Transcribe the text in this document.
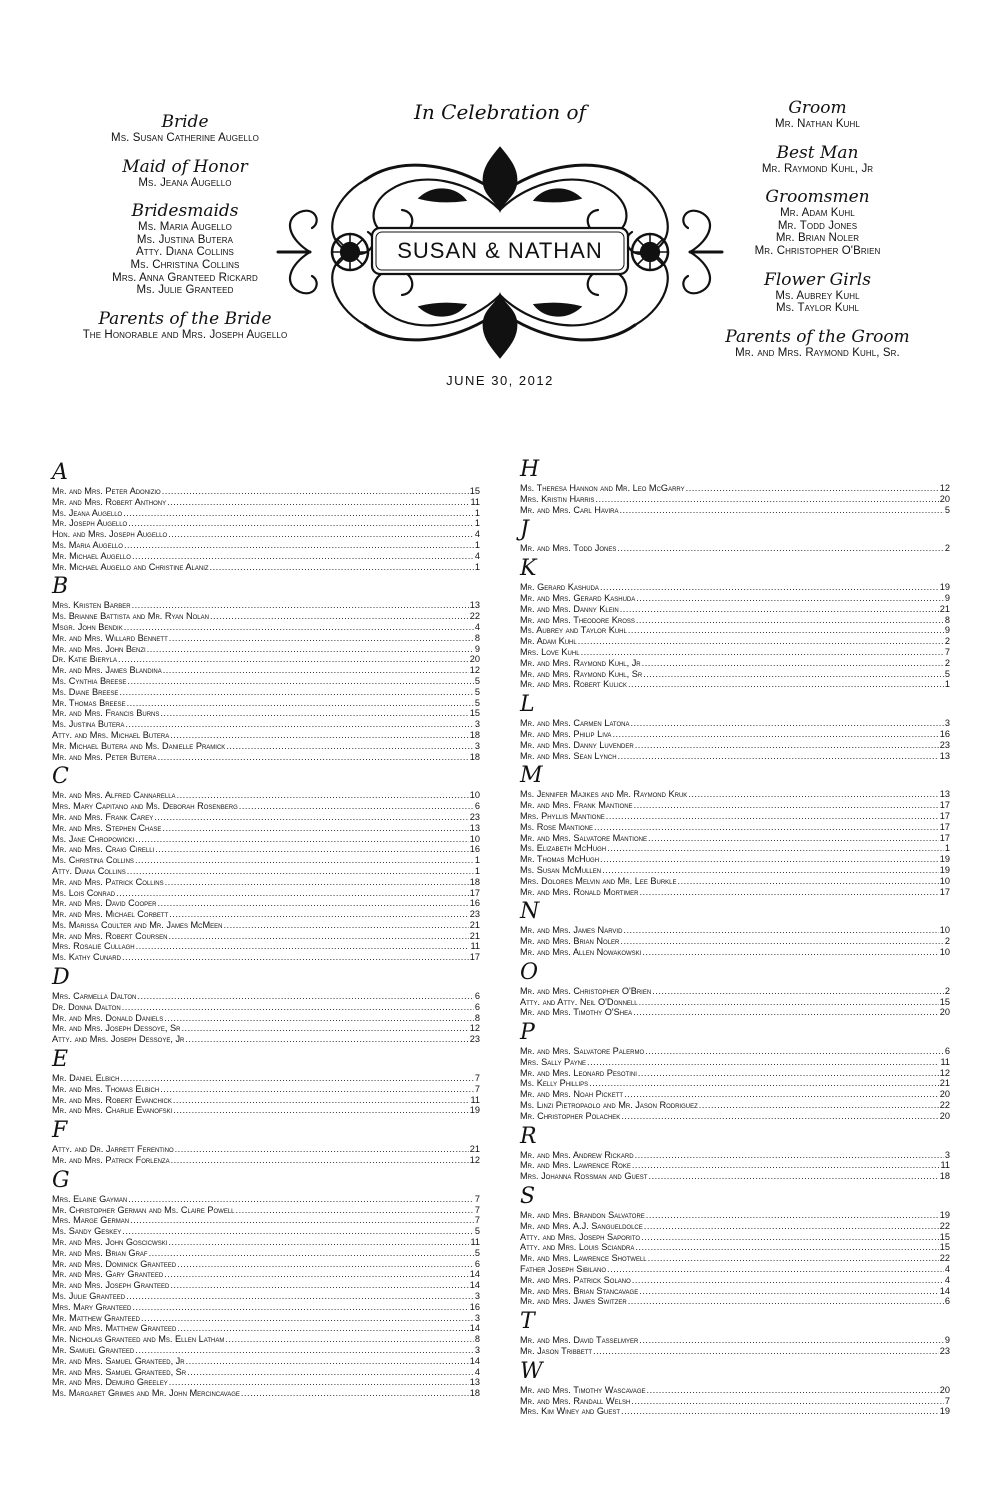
Bride
Ms. Susan Catherine Augello
Maid of Honor
Ms. Jeana Augello
Bridesmaids
Ms. Maria Augello
Ms. Justina Butera
Atty. Diana Collins
Ms. Christina Collins
Mrs. Anna Granteed Rickard
Ms. Julie Granteed
Parents of the Bride
The Honorable and Mrs. Joseph Augello
Groom
Mr. Nathan Kuhl
Best Man
Mr. Raymond Kuhl, Jr
Groomsmen
Mr. Adam Kuhl
Mr. Todd Jones
Mr. Brian Noler
Mr. Christopher O'Brien
Flower Girls
Ms. Aubrey Kuhl
Ms. Taylor Kuhl
Parents of the Groom
Mr. and Mrs. Raymond Kuhl, Sr.
In Celebration of
SUSAN & NATHAN
JUNE 30, 2012
A
Mr. and Mrs. Peter Adonizio .....	15
Mr. and Mrs. Robert Anthony .....	11
Ms. Jeana Augello .....	1
Mr. Joseph Augello .....	1
Hon. and Mrs. Joseph Augello .....	4
Ms. Maria Augello .....	1
Mr. Michael Augello .....	4
Mr. Michael Augello and Christine Alaniz .....	1
B
Mrs. Kristen Barber .....	13
Ms. Brianne Battista and Mr. Ryan Nolan .....	22
Msgr. John Bendik .....	4
Mr. and Mrs. Willard Bennett .....	8
Mr. and Mrs. John Benzi .....	9
Dr. Katie Bieryla .....	20
Mr. and Mrs. James Blandina .....	12
Ms. Cynthia Breese .....	5
Ms. Diane Breese .....	5
Mr. Thomas Breese .....	5
Mr. and Mrs. Francis Burns .....	15
Ms. Justina Butera .....	3
Atty. and Mrs. Michael Butera .....	18
Mr. Michael Butera and Ms. Danielle Pramick .....	3
Mr. and Mrs. Peter Butera .....	18
C
Mr. and Mrs. Alfred Cannarella .....	10
Mrs. Mary Capitano and Ms. Deborah Rosenberg .....	6
Mr. and Mrs. Frank Carey .....	23
Mr. and Mrs. Stephen Chase .....	13
Ms. Jane Chropowicki .....	10
Mr. and Mrs. Craig Cirelli .....	16
Ms. Christina Collins .....	1
Atty. Diana Collins .....	1
Mr. and Mrs. Patrick Collins .....	18
Ms. Lois Conrad .....	17
Mr. and Mrs. David Cooper .....	16
Mr. and Mrs. Michael Corbett .....	23
Ms. Marissa Coulter and Mr. James McMeen .....	21
Mr. and Mrs. Robert Coursen .....	21
Mrs. Rosalie Cullagh .....	11
Ms. Kathy Cunard .....	17
D
Mrs. Carmella Dalton .....	6
Dr. Donna Dalton .....	6
Mr. and Mrs. Donald Daniels .....	8
Mr. and Mrs. Joseph Dessoye, Sr .....	12
Atty. and Mrs. Joseph Dessoye, Jr .....	23
E
Mr. Daniel Elbich .....	7
Mr. and Mrs. Thomas Elbich .....	7
Mr. and Mrs. Robert Evanchick .....	11
Mr. and Mrs. Charlie Evanofski .....	19
F
Atty. and Dr. Jarrett Ferentino .....	21
Mr. and Mrs. Patrick Forlenza .....	12
G
Mrs. Elaine Gayman .....	7
Mr. Christopher German and Ms. Claire Powell .....	7
Mrs. Marge German .....	7
Ms. Sandy Geskey .....	5
Mr. and Mrs. John Goscicwski .....	11
Mr. and Mrs. Brian Graf .....	5
Mr. and Mrs. Dominick Granteed .....	6
Mr. and Mrs. Gary Granteed .....	14
Mr. and Mrs. Joseph Granteed .....	14
Ms. Julie Granteed .....	3
Mrs. Mary Granteed .....	16
Mr. Matthew Granteed .....	3
Mr. and Mrs. Matthew Granteed .....	14
Mr. Nicholas Granteed and Ms. Ellen Latham .....	8
Mr. Samuel Granteed .....	3
Mr. and Mrs. Samuel Granteed, Jr .....	14
Mr. and Mrs. Samuel Granteed, Sr .....	4
Mr. and Mrs. Demuro Greeley .....	13
Ms. Margaret Grimes and Mr. John Mercincavage .....	18
H
Ms. Theresa Hannon and Mr. Leo McGarry .....	12
Mrs. Kristin Harris .....	20
Mr. and Mrs. Carl Havira .....	5
J
Mr. and Mrs. Todd Jones .....	2
K
Mr. Gerard Kashuda .....	19
Mr. and Mrs. Gerard Kashuda .....	9
Mr. and Mrs. Danny Klein .....	21
Mr. and Mrs. Theodore Kross .....	8
Ms. Aubrey and Taylor Kuhl .....	9
Mr. Adam Kuhl .....	2
Mrs. Love Kuhl .....	7
Mr. and Mrs. Raymond Kuhl, Jr .....	2
Mr. and Mrs. Raymond Kuhl, Sr .....	5
Mr. and Mrs. Robert Kulick .....	1
L
Mr. and Mrs. Carmen Latona .....	3
Mr. and Mrs. Philip Liva .....	16
Mr. and Mrs. Danny Luvender .....	23
Mr. and Mrs. Sean Lynch .....	13
M
Ms. Jennifer Majikes and Mr. Raymond Kruk .....	13
Mr. and Mrs. Frank Mantione .....	17
Mrs. Phyllis Mantione .....	17
Ms. Rose Mantione .....	17
Mr. and Mrs. Salvatore Mantione .....	17
Ms. Elizabeth McHugh .....	1
Mr. Thomas McHugh .....	19
Ms. Susan McMullen .....	19
Mrs. Dolores Melvin and Mr. Lee Burkle .....	10
Mr. and Mrs. Ronald Mortimer .....	17
N
Mr. and Mrs. James Narvid .....	10
Mr. and Mrs. Brian Noler .....	2
Mr. and Mrs. Allen Nowakowski .....	10
O
Mr. and Mrs. Christopher O'Brien .....	2
Atty. and Atty. Neil O'Donnell .....	15
Mr. and Mrs. Timothy O'Shea .....	20
P
Mr. and Mrs. Salvatore Palermo .....	6
Mrs. Sally Payne .....	11
Mr. and Mrs. Leonard Pesotini .....	12
Ms. Kelly Phillips .....	21
Mr. and Mrs. Noah Pickett .....	20
Ms. Linzi Pietropaolo and Mr. Jason Rodriguez .....	22
Mr. Christopher Polachek .....	20
R
Mr. and Mrs. Andrew Rickard .....	3
Mr. and Mrs. Lawrence Roke .....	11
Mrs. Johanna Rossman and Guest .....	18
S
Mr. and Mrs. Brandon Salvatore .....	19
Mr. and Mrs. A.J. Sangueldolce .....	22
Atty. and Mrs. Joseph Saporito .....	15
Atty. and Mrs. Louis Sciandra .....	15
Mr. and Mrs. Lawrence Shotwell .....	22
Father Joseph Sibilano .....	4
Mr. and Mrs. Patrick Solano .....	4
Mr. and Mrs. Brian Stancavage .....	14
Mr. and Mrs. James Switzer .....	6
T
Mr. and Mrs. David Tasselmyer .....	9
Mr. Jason Tribbett .....	23
W
Mr. and Mrs. Timothy Wascavage .....	20
Mr. and Mrs. Randall Welsh .....	7
Mrs. Kim Winey and Guest .....	19
